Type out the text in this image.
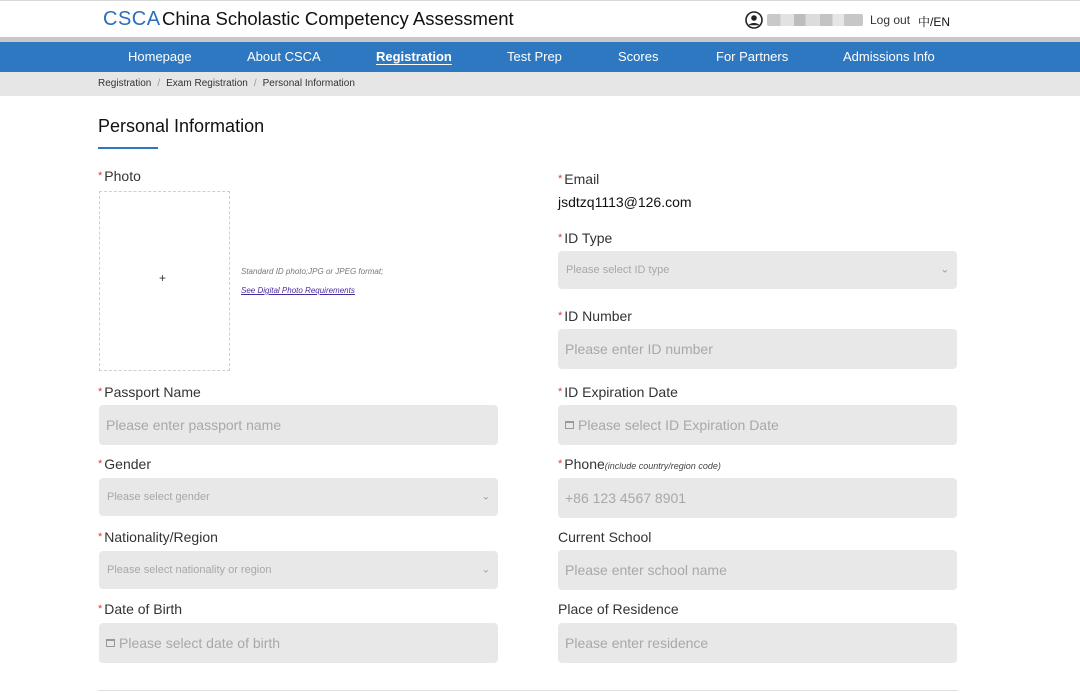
CSCA China Scholastic Competency Assessment	Log out 中/EN
Homepage	About CSCA	Registration	Test Prep	Scores	For Partners	Admissions Info
Registration / Exam Registration / Personal Information
Personal Information
* Photo
+	Standard ID photo;JPG or JPEG format;
See Digital Photo Requirements
* Email
jsdtzq1113@126.com
* ID Type
Please select ID type	⌄
* ID Number
Please enter ID number
* Passport Name
Please enter passport name
* ID Expiration Date
Please select ID Expiration Date
* Gender
Please select gender	⌄
* Phone(include country/region code)
+86 123 4567 8901
* Nationality/Region
Please select nationality or region	⌄
Current School
Please enter school name
* Date of Birth
Please select date of birth
Place of Residence
Please enter residence
